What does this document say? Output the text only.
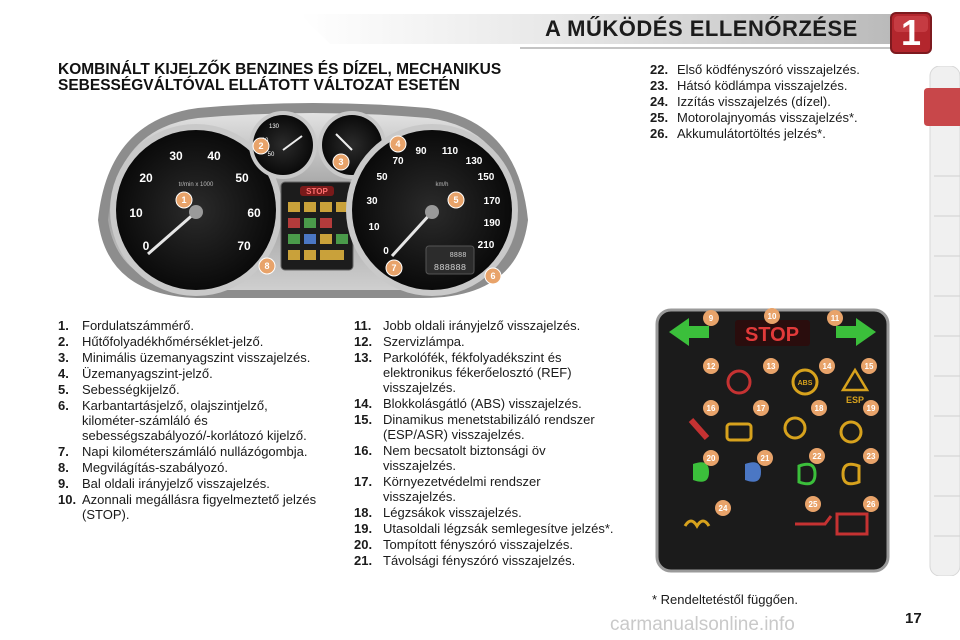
A MŰKÖDÉS ELLENŐRZÉSE	1
KOMBINÁLT KIJELZŐK BENZINES ÉS DÍZEL, MECHANIKUS SEBESSÉGVÁLTÓVAL ELLÁTOTT VÁLTOZAT ESETÉN
0
10
20
30 40
50
60
70
tr/min x 1000
130
50
STOP
0
10
30
50
70
90 110
130
150
170
190
210
km/h
8888
888888
1
2
3
4
5
6
7
8
1. Fordulatszámmérő.
2. Hűtőfolyadékhőmérséklet-jelző.
3. Minimális üzemanyagszint visszajelzés.
4. Üzemanyagszint-jelző.
5. Sebességkijelző.
6. Karbantartásjelző, olajszintjelző, kilométer-számláló és sebességszabályozó/-korlátozó kijelző.
7. Napi kilométerszámláló nullázógombja.
8. Megvilágítás-szabályozó.
9. Bal oldali irányjelző visszajelzés.
10. Azonnali megállásra figyelmeztető jelzés (STOP).
11. Jobb oldali irányjelző visszajelzés.
12. Szervizlámpa.
13. Parkolófék, fékfolyadékszint és elektronikus fékerőelosztó (REF) visszajelzés.
14. Blokkolásgátló (ABS) visszajelzés.
15. Dinamikus menetstabilizáló rendszer (ESP/ASR) visszajelzés.
16. Nem becsatolt biztonsági öv visszajelzés.
17. Környezetvédelmi rendszer visszajelzés.
18. Légzsákok visszajelzés.
19. Utasoldali légzsák semlegesítve jelzés*.
20. Tompított fényszóró visszajelzés.
21. Távolsági fényszóró visszajelzés.
22. Első ködfényszóró visszajelzés.
23. Hátsó ködlámpa visszajelzés.
24. Izzítás visszajelzés (dízel).
25. Motorolajnyomás visszajelzés*.
26. Akkumulátortöltés jelzés*.
STOP
ABS
ESP
9	10	11
12	13	14	15
16	17	18	19
20	21	22	23
24	25	26
* Rendeltetéstől függően.
carmanualsonline.info	17
